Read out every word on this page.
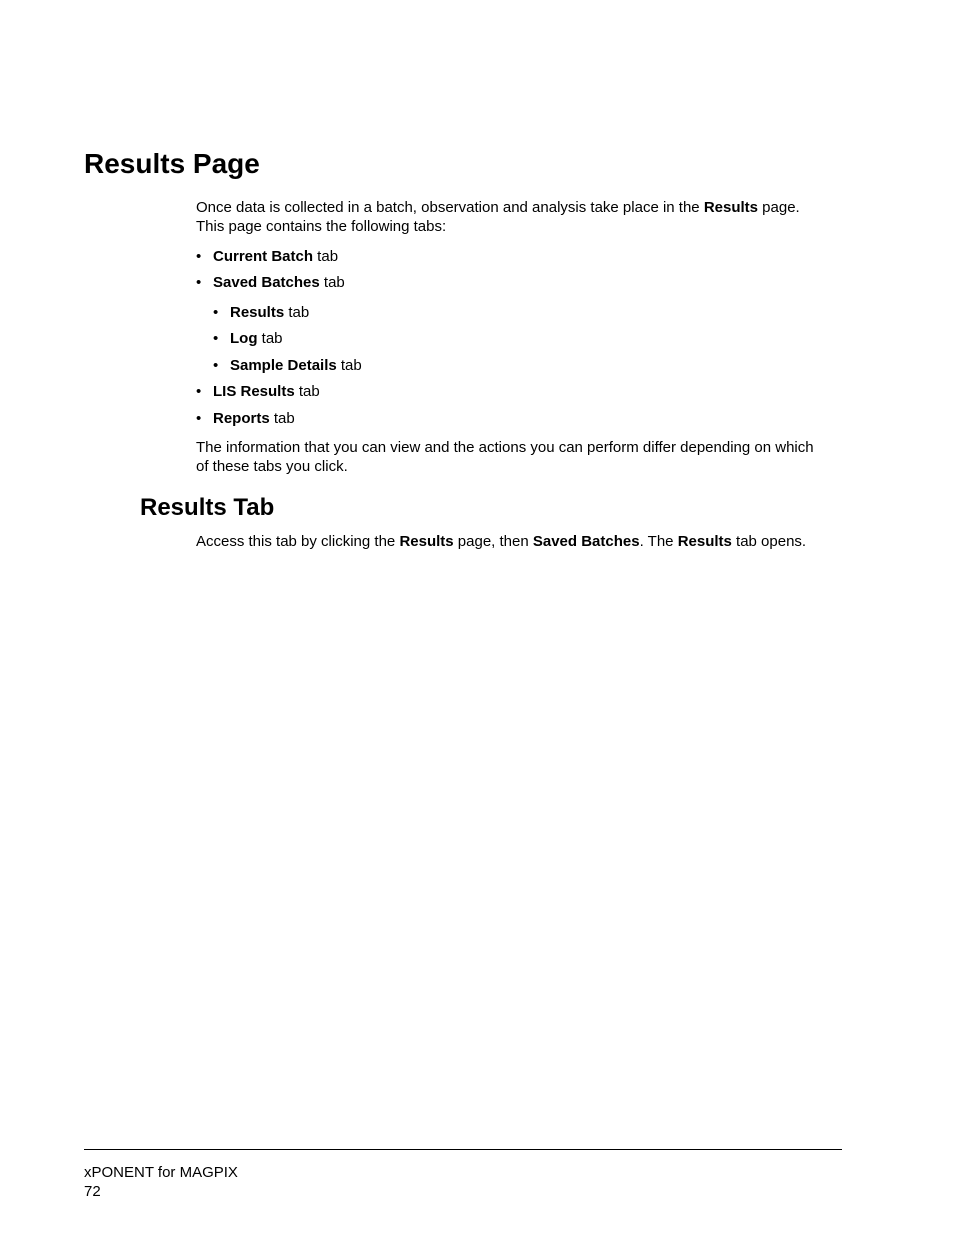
Results Page

Once data is collected in a batch, observation and analysis take place in the Results page.
This page contains the following tabs:

• Current Batch tab
• Saved Batches tab
• Results tab
• Log tab
• Sample Details tab
• LIS Results tab
• Reports tab

The information that you can view and the actions you can perform differ depending on which
of these tabs you click.

Results Tab

Access this tab by clicking the Results page, then Saved Batches. The Results tab opens.

xPONENT for MAGPIX
72
